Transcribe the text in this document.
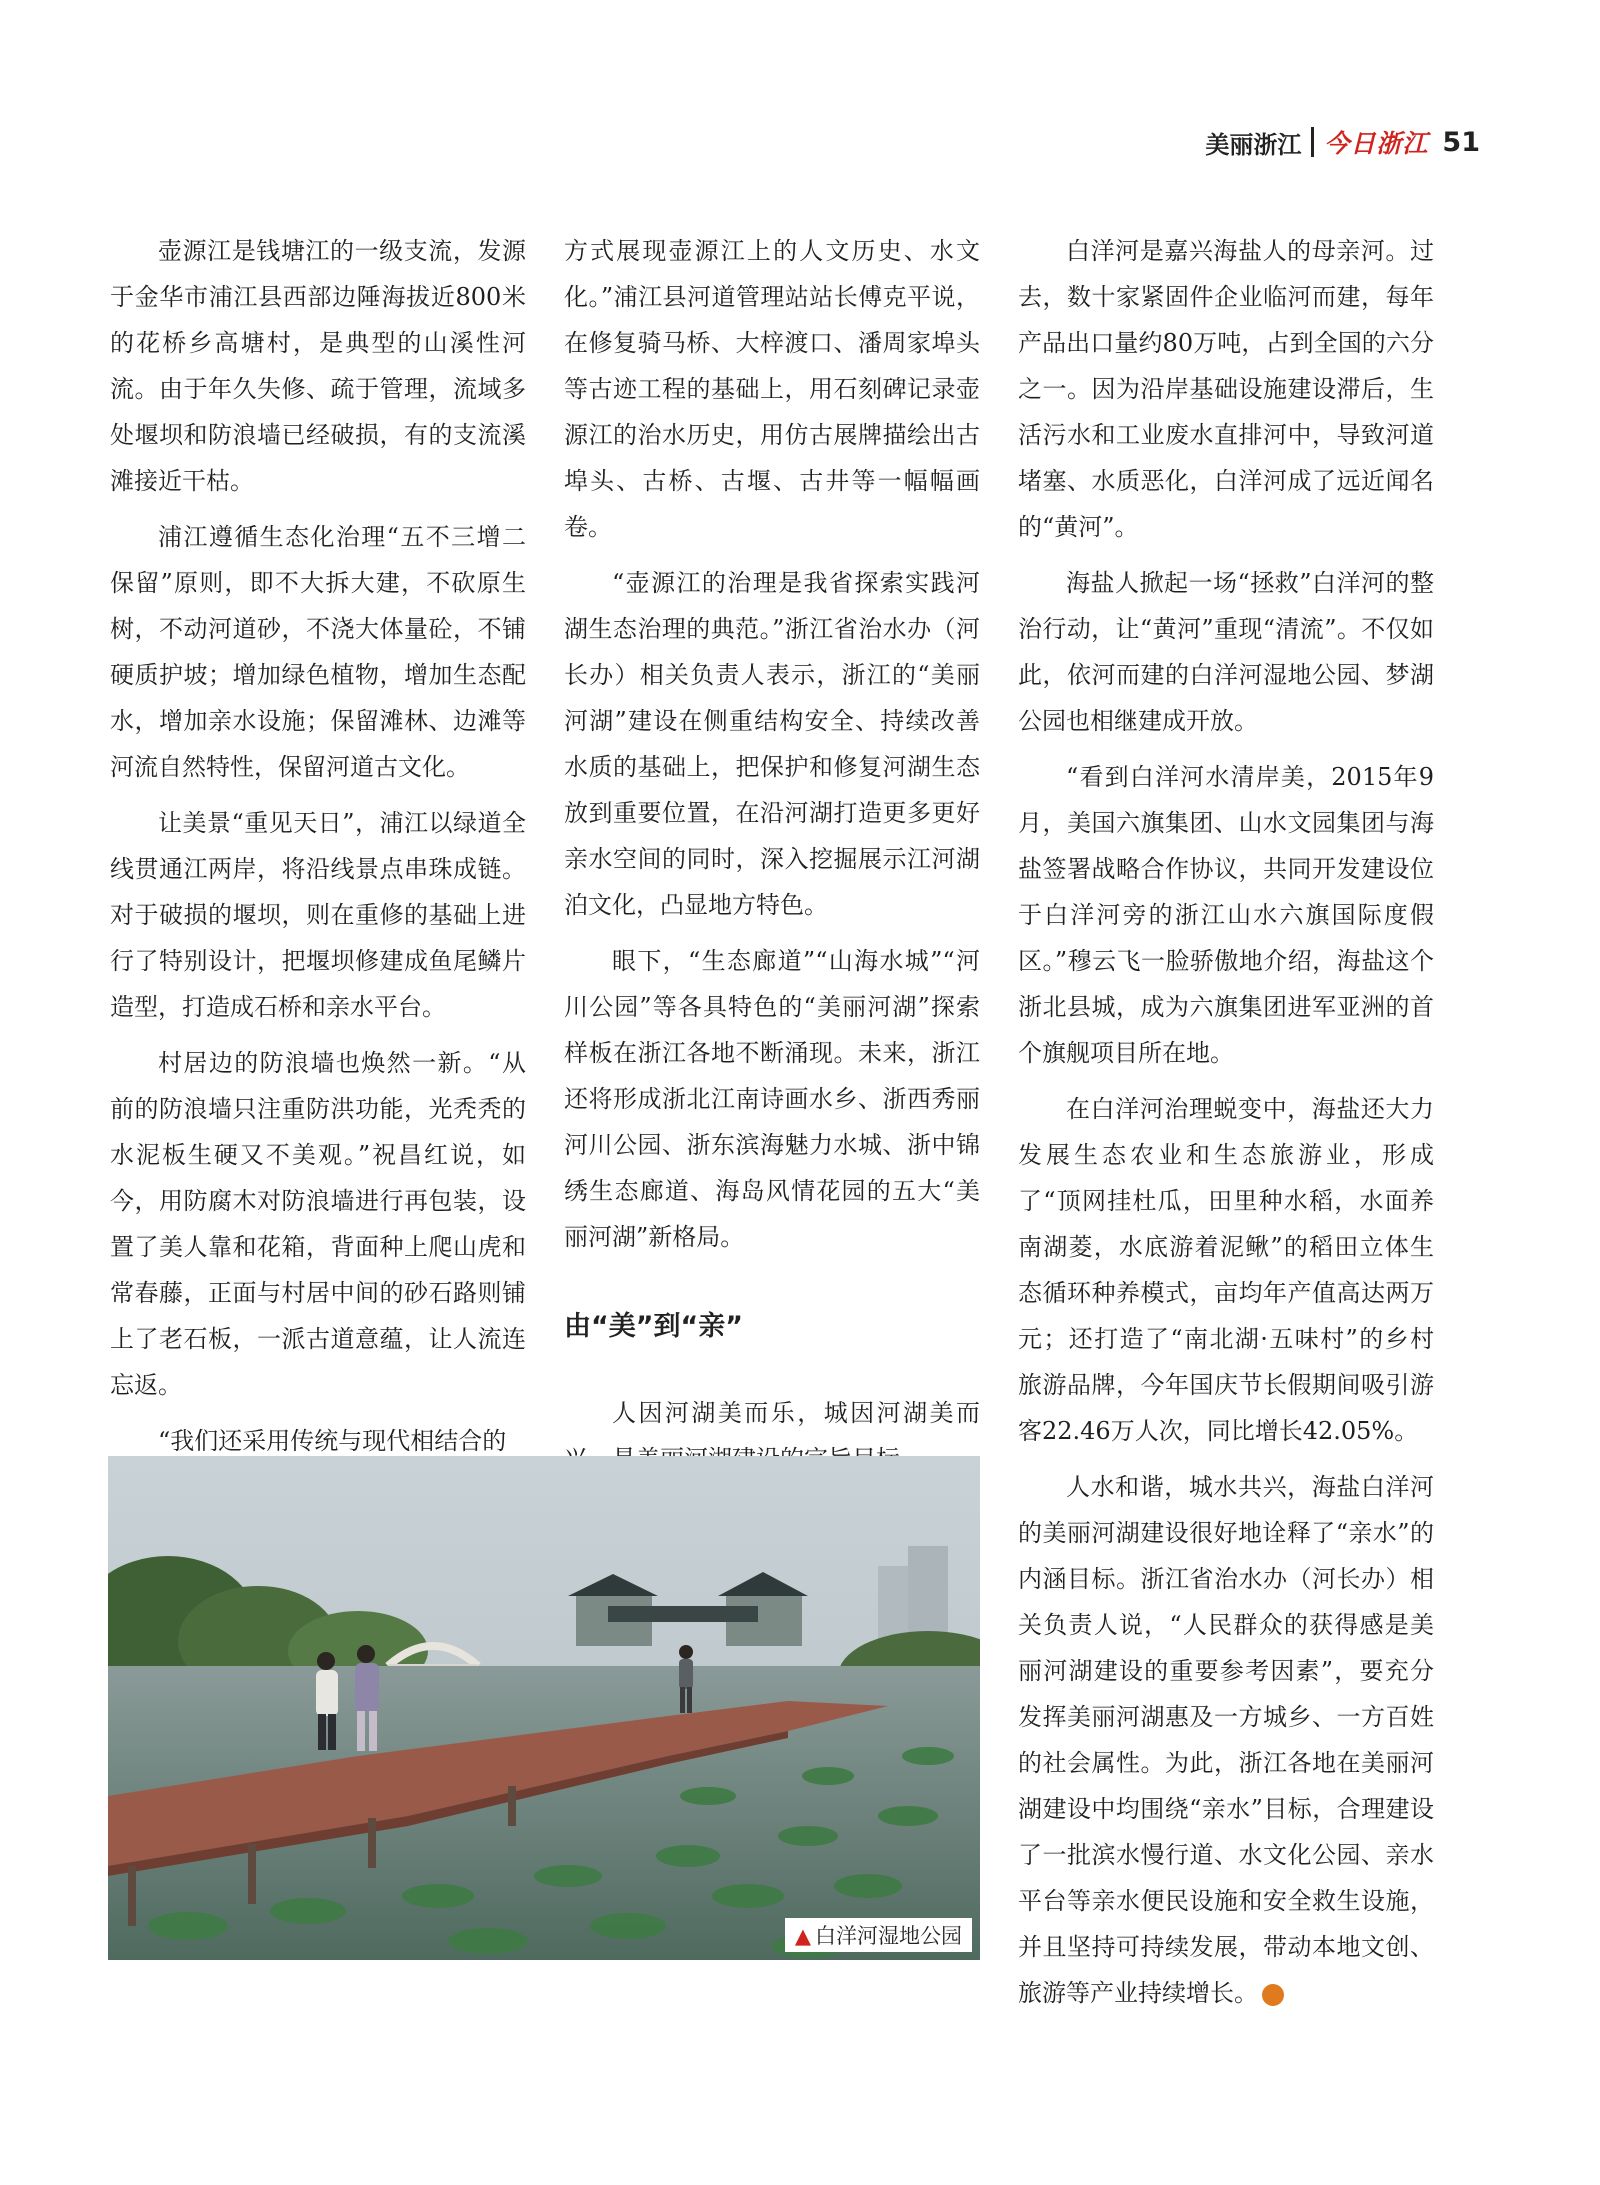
美丽浙江 今日浙江 51

壶源江是钱塘江的一级支流，发源于金华市浦江县西部边陲海拔近800米的花桥乡高塘村，是典型的山溪性河流。由于年久失修、疏于管理，流域多处堰坝和防浪墙已经破损，有的支流溪滩接近干枯。

浦江遵循生态化治理“五不三增二保留”原则，即不大拆大建，不砍原生树，不动河道砂，不浇大体量砼，不铺硬质护坡；增加绿色植物，增加生态配水，增加亲水设施；保留滩林、边滩等河流自然特性，保留河道古文化。

让美景“重见天日”，浦江以绿道全线贯通江两岸，将沿线景点串珠成链。对于破损的堰坝，则在重修的基础上进行了特别设计，把堰坝修建成鱼尾鳞片造型，打造成石桥和亲水平台。

村居边的防浪墙也焕然一新。“从前的防浪墙只注重防洪功能，光秃秃的水泥板生硬又不美观。”祝昌红说，如今，用防腐木对防浪墙进行再包装，设置了美人靠和花箱，背面种上爬山虎和常春藤，正面与村居中间的砂石路则铺上了老石板，一派古道意蕴，让人流连忘返。

“我们还采用传统与现代相结合的

方式展现壶源江上的人文历史、水文化。”浦江县河道管理站站长傅克平说，在修复骑马桥、大梓渡口、潘周家埠头等古迹工程的基础上，用石刻碑记录壶源江的治水历史，用仿古展牌描绘出古埠头、古桥、古堰、古井等一幅幅画卷。

“壶源江的治理是我省探索实践河湖生态治理的典范。”浙江省治水办（河长办）相关负责人表示，浙江的“美丽河湖”建设在侧重结构安全、持续改善水质的基础上，把保护和修复河湖生态放到重要位置，在沿河湖打造更多更好亲水空间的同时，深入挖掘展示江河湖泊文化，凸显地方特色。

眼下，“生态廊道”“山海水城”“河川公园”等各具特色的“美丽河湖”探索样板在浙江各地不断涌现。未来，浙江还将形成浙北江南诗画水乡、浙西秀丽河川公园、浙东滨海魅力水城、浙中锦绣生态廊道、海岛风情花园的五大“美丽河湖”新格局。

由“美”到“亲”

人因河湖美而乐，城因河湖美而

白洋河是嘉兴海盐人的母亲河。过去，数十家紧固件企业临河而建，每年产品出口量约80万吨，占到全国的六分之一。因为沿岸基础设施建设滞后，生活污水和工业废水直排河中，导致河道堵塞、水质恶化，白洋河成了远近闻名的“黄河”。

海盐人掀起一场“拯救”白洋河的整治行动，让“黄河”重现“清流”。不仅如此，依河而建的白洋河湿地公园、梦湖公园也相继建成开放。

“看到白洋河水清岸美，2015年9月，美国六旗集团、山水文园集团与海盐签署战略合作协议，共同开发建设位于白洋河旁的浙江山水六旗国际度假区。”穆云飞一脸骄傲地介绍，海盐这个浙北县城，成为六旗集团进军亚洲的首个旗舰项目所在地。

在白洋河治理蜕变中，海盐还大力发展生态农业和生态旅游业，形成了“顶网挂杜瓜，田里种水稻，水面养南湖菱，水底游着泥鳅”的稻田立体生态循环种养模式，亩均年产值高达两万元；还打造了“南北湖·五味村”的乡村旅游品牌，今年国庆节长假期间吸引游客22.46万人次，同比增长42.05%。

人水和谐，城水共兴，海盐白洋河的美丽河湖建设很好地诠释了“亲水”的内涵目标。浙江省治水办（河长办）相关负责人说，“人民群众的获得感是美丽河湖建设的重要参考因素”，要充分发挥美丽河湖惠及一方城乡、一方百姓的社会属性。为此，浙江各地在美丽河湖建设中均围绕“亲水”目标，合理建设了一批滨水慢行道、水文化公园、亲水平台等亲水便民设施和安全救生设施，并且坚持可持续发展，带动本地文创、旅游等产业持续增长。

▲ 白洋河湿地公园
